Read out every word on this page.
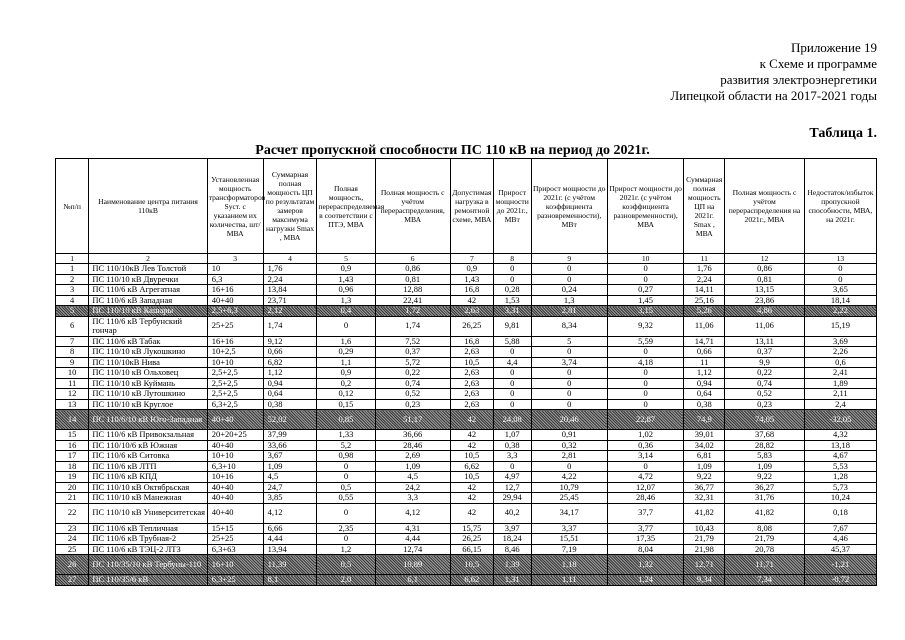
Приложение 19
к Схеме и программе
развития электроэнергетики
Липецкой области на 2017-2021 годы
Таблица 1.
Расчет пропускной способности ПС 110 кВ на период до 2021г.
№п/п	Наименование центра питания 110кВ	Установленная мощность трансформаторов Sуст. с указанием их количества, шт/ МВА	Суммарная полная мощность ЦП по результатам замеров максимума нагрузки Smax , МВА	Полная мощность, перераспределяемая в соответствии с ПТЭ, МВА	Полная мощность с учётом перераспределения, МВА	Допустимая нагрузка в ремонтной схеме, МВА	Прирост мощности до 2021г., МВт	Прирост мощности до 2021г. (с учётом коэффициента разновременности), МВт	Прирост мощности до 2021г. (с учётом коэффициента разновременности), МВА	Суммарная полная мощность ЦП на 2021г. Smax , МВА	Полная мощность с учётом перераспределения на 2021г., МВА	Недостаток/избыток пропускной способности, МВА, на 2021г.
1	2	3	4	5	6	7	8	9	10	11	12	13
1	ПС 110/10кВ Лев Толстой	10	1,76	0,9	0,86	0,9	0	0	0	1,76	0,86	0
2	ПС 110/10 кВ Двуречки	6,3	2,24	1,43	0,81	1,43	0	0	0	2,24	0,81	0
3	ПС 110/6 кВ Агрегатная	16+16	13,84	0,96	12,88	16,8	0,28	0,24	0,27	14,11	13,15	3,65
4	ПС 110/6 кВ Западная	40+40	23,71	1,3	22,41	42	1,53	1,3	1,45	25,16	23,86	18,14
5	ПС 110/10 кВ Кашары	2,5+6,3	2,12	0,4	1,72	2,63	3,31	2,81	3,15	5,26	4,86	2,22
6	ПС 110/6 кВ Тербунский гончар	25+25	1,74	0	1,74	26,25	9,81	8,34	9,32	11,06	11,06	15,19
7	ПС 110/6 кВ Табак	16+16	9,12	1,6	7,52	16,8	5,88	5	5,59	14,71	13,11	3,69
8	ПС 110/10 кВ Лукошкино	10+2,5	0,66	0,29	0,37	2,63	0	0	0	0,66	0,37	2,26
9	ПС 110/10кВ Нива	10+10	6,82	1,1	5,72	10,5	4,4	3,74	4,18	11	9,9	0,6
10	ПС 110/10 кВ Ольховец	2,5+2,5	1,12	0,9	0,22	2,63	0	0	0	1,12	0,22	2,41
11	ПС 110/10 кВ Куймань	2,5+2,5	0,94	0,2	0,74	2,63	0	0	0	0,94	0,74	1,89
12	ПС 110/10 кВ Лутошкино	2,5+2,5	0,64	0,12	0,52	2,63	0	0	0	0,64	0,52	2,11
13	ПС 110/10 кВ Круглое	6,3+2,5	0,38	0,15	0,23	2,63	0	0	0	0,38	0,23	2,4
14	ПС 110/6/10 кВ Юго-Западная	40+40	52,02	0,85	51,17	42	24,08	20,46	22,87	74,9	74,05	-32,05
15	ПС 110/6 кВ Привокзальная	20+20+25	37,99	1,33	36,66	42	1,07	0,91	1,02	39,01	37,68	4,32
16	ПС 110/10/6 кВ Южная	40+40	33,66	5,2	28,46	42	0,38	0,32	0,36	34,02	28,82	13,18
17	ПС 110/6 кВ Ситовка	10+10	3,67	0,98	2,69	10,5	3,3	2,81	3,14	6,81	5,83	4,67
18	ПС 110/6 кВ ЛТП	6,3+10	1,09	0	1,09	6,62	0	0	0	1,09	1,09	5,53
19	ПС 110/6 кВ КПД	10+16	4,5	0	4,5	10,5	4,97	4,22	4,72	9,22	9,22	1,28
20	ПС 110/10 кВ Октябрьская	40+40	24,7	0,5	24,2	42	12,7	10,79	12,07	36,77	36,27	5,73
21	ПС 110/10 кВ Манежная	40+40	3,85	0,55	3,3	42	29,94	25,45	28,46	32,31	31,76	10,24
22	ПС 110/10 кВ Университетская	40+40	4,12	0	4,12	42	40,2	34,17	37,7	41,82	41,82	0,18
23	ПС 110/6 кВ Тепличная	15+15	6,66	2,35	4,31	15,75	3,97	3,37	3,77	10,43	8,08	7,67
24	ПС 110/6 кВ Трубная-2	25+25	4,44	0	4,44	26,25	18,24	15,51	17,35	21,79	21,79	4,46
25	ПС 110/6 кВ ТЭЦ-2 ЛТЗ	6,3+63	13,94	1,2	12,74	66,15	8,46	7,19	8,04	21,98	20,78	45,37
26	ПС 110/35/10 кВ Тербуны-110	16+10	11,39	0,5	10,89	10,5	1,39	1,18	1,32	12,71	11,71	-1,21
27	ПС 110/35/6 кВ	6,3+25	8,1	2,0	6,1	6,62	1,31	1,11	1,24	9,34	7,34	-0,72
